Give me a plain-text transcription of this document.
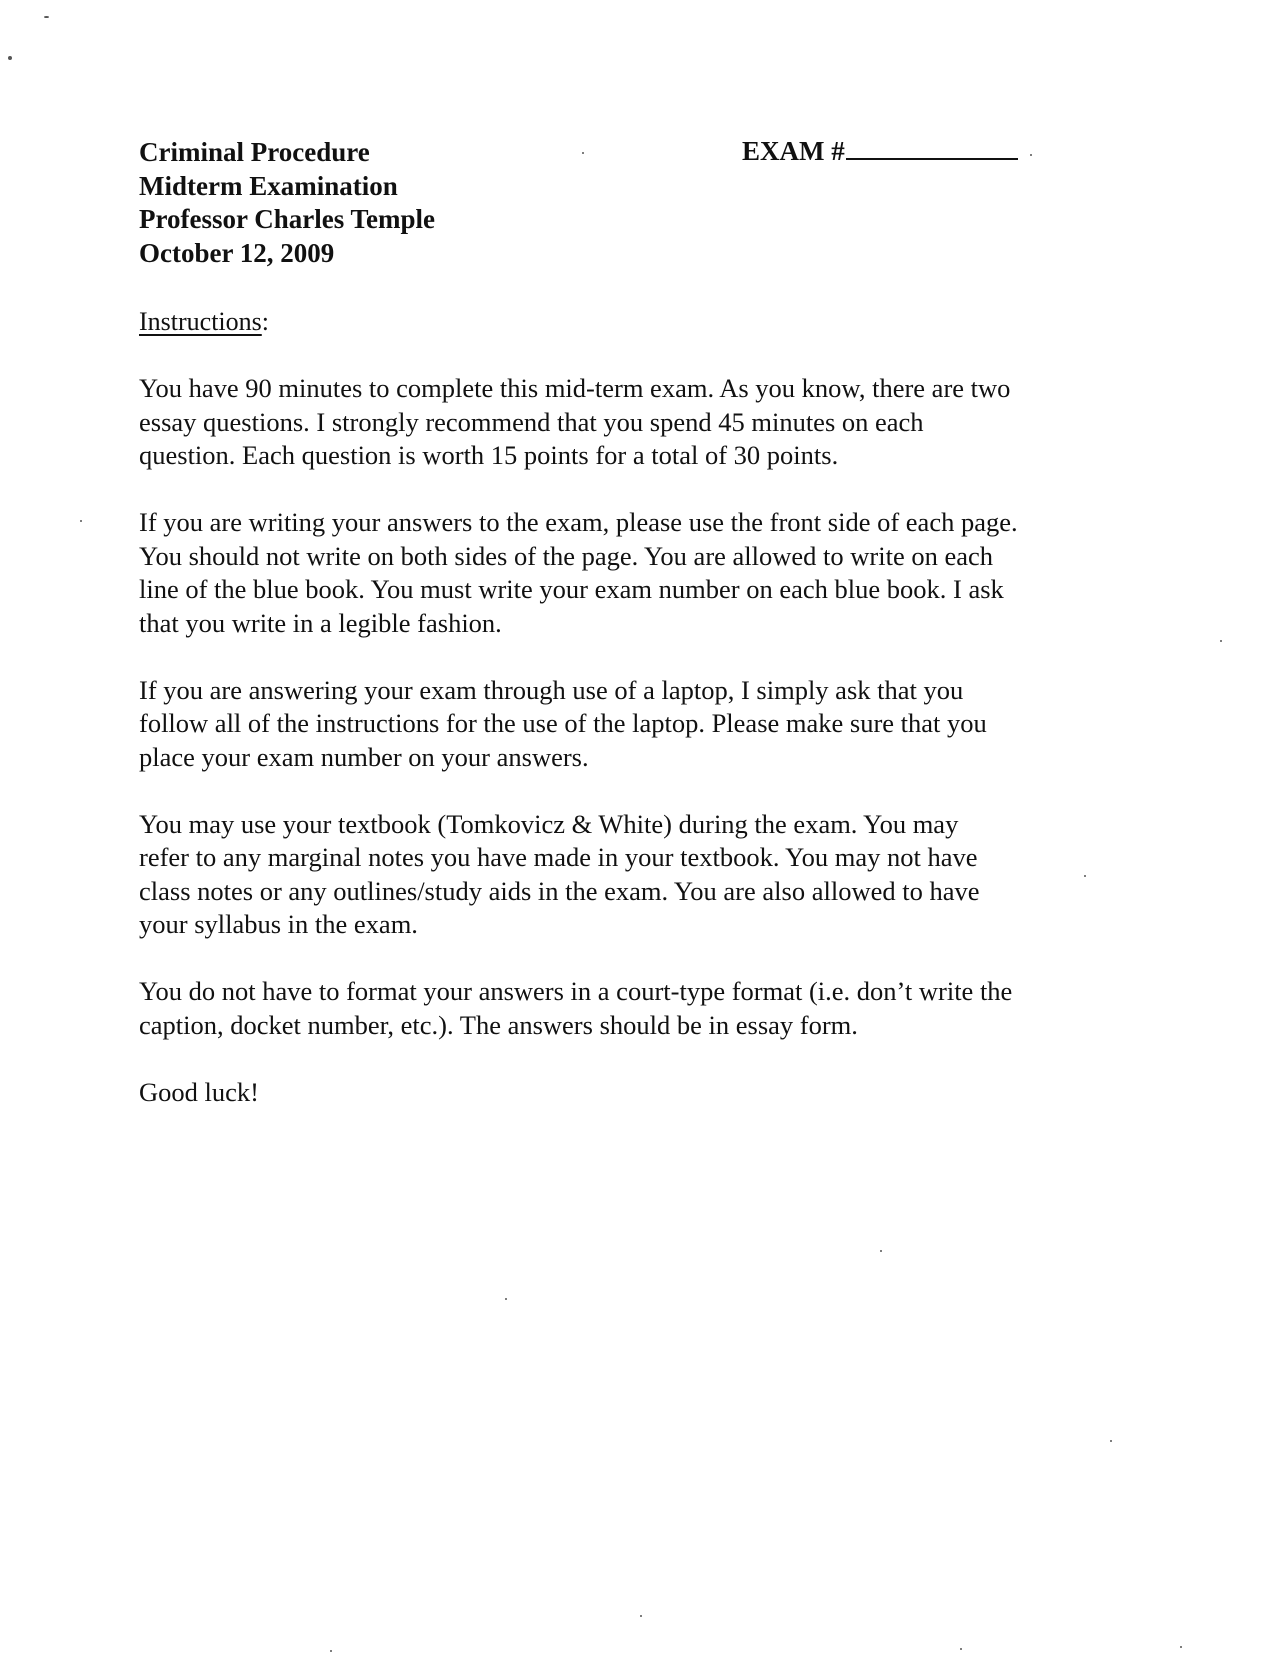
Criminal Procedure
Midterm Examination
Professor Charles Temple
October 12, 2009
EXAM #
Instructions:

You have 90 minutes to complete this mid-term exam. As you know, there are two
essay questions. I strongly recommend that you spend 45 minutes on each
question. Each question is worth 15 points for a total of 30 points.

If you are writing your answers to the exam, please use the front side of each page.
You should not write on both sides of the page. You are allowed to write on each
line of the blue book. You must write your exam number on each blue book. I ask
that you write in a legible fashion.

If you are answering your exam through use of a laptop, I simply ask that you
follow all of the instructions for the use of the laptop. Please make sure that you
place your exam number on your answers.

You may use your textbook (Tomkovicz & White) during the exam. You may
refer to any marginal notes you have made in your textbook. You may not have
class notes or any outlines/study aids in the exam. You are also allowed to have
your syllabus in the exam.

You do not have to format your answers in a court-type format (i.e. don’t write the
caption, docket number, etc.). The answers should be in essay form.

Good luck!
